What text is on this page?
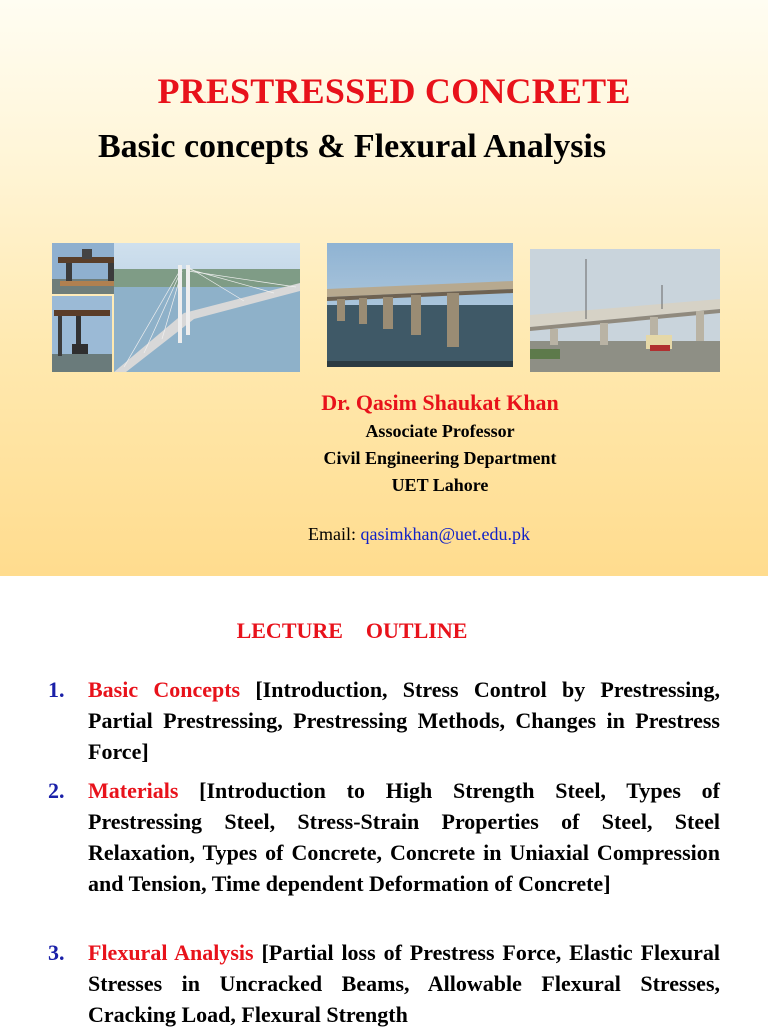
PRESTRESSED CONCRETE
Basic concepts & Flexural Analysis

Dr. Qasim Shaukat Khan

Associate Professor

Civil Engineering Department

UET Lahore

Email: qasimkhan@uet.edu.pk
LECTURE  OUTLINE
1. Basic Concepts [Introduction, Stress Control by Prestressing, Partial Prestressing, Prestressing Methods, Changes in Prestress Force]
2. Materials [Introduction to High Strength Steel, Types of Prestressing Steel, Stress-Strain Properties of Steel, Steel Relaxation, Types of Concrete, Concrete in Uniaxial Compression and Tension, Time dependent Deformation of Concrete]
3. Flexural Analysis [Partial loss of Prestress Force, Elastic Flexural Stresses in Uncracked Beams, Allowable Flexural Stresses, Cracking Load, Flexural Strength
